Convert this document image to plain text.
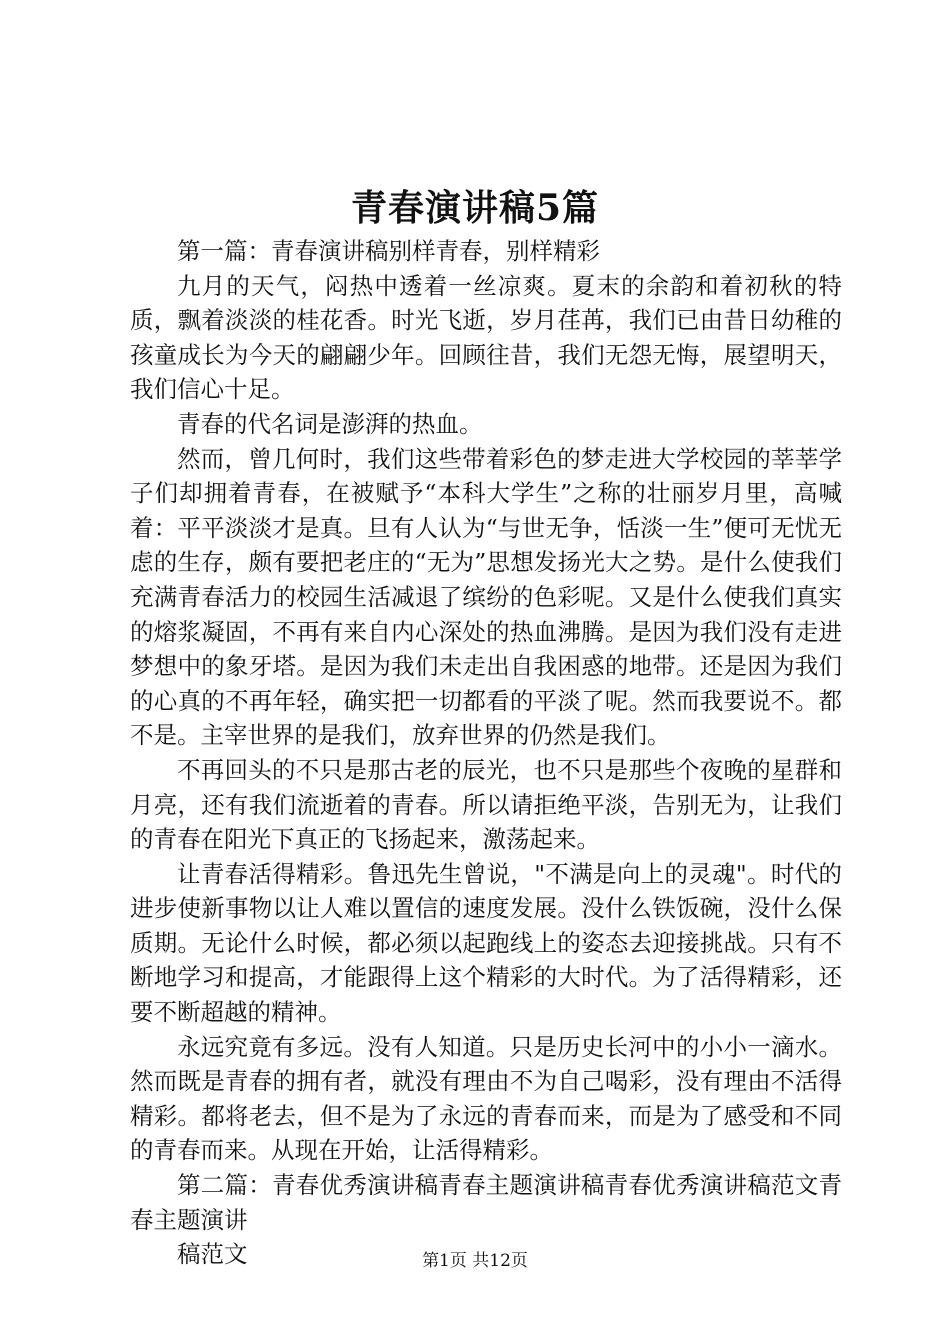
青春演讲稿5篇

第一篇：青春演讲稿别样青春，别样精彩

九月的天气，闷热中透着一丝凉爽。夏末的余韵和着初秋的特质，飘着淡淡的桂花香。时光飞逝，岁月荏苒，我们已由昔日幼稚的孩童成长为今天的翩翩少年。回顾往昔，我们无怨无悔，展望明天，我们信心十足。

青春的代名词是澎湃的热血。

然而，曾几何时，我们这些带着彩色的梦走进大学校园的莘莘学子们却拥着青春，在被赋予“本科大学生”之称的壮丽岁月里，高喊着：平平淡淡才是真。旦有人认为“与世无争，恬淡一生”便可无忧无虑的生存，颇有要把老庄的“无为”思想发扬光大之势。是什么使我们充满青春活力的校园生活减退了缤纷的色彩呢。又是什么使我们真实的熔浆凝固，不再有来自内心深处的热血沸腾。是因为我们没有走进梦想中的象牙塔。是因为我们未走出自我困惑的地带。还是因为我们的心真的不再年轻，确实把一切都看的平淡了呢。然而我要说不。都不是。主宰世界的是我们，放弃世界的仍然是我们。

不再回头的不只是那古老的辰光，也不只是那些个夜晚的星群和月亮，还有我们流逝着的青春。所以请拒绝平淡，告别无为，让我们的青春在阳光下真正的飞扬起来，激荡起来。

让青春活得精彩。鲁迅先生曾说，"不满是向上的灵魂"。时代的进步使新事物以让人难以置信的速度发展。没什么铁饭碗，没什么保质期。无论什么时候，都必须以起跑线上的姿态去迎接挑战。只有不断地学习和提高，才能跟得上这个精彩的大时代。为了活得精彩，还要不断超越的精神。

永远究竟有多远。没有人知道。只是历史长河中的小小一滴水。然而既是青春的拥有者，就没有理由不为自己喝彩，没有理由不活得精彩。都将老去，但不是为了永远的青春而来，而是为了感受和不同的青春而来。从现在开始，让活得精彩。

第二篇：青春优秀演讲稿青春主题演讲稿青春优秀演讲稿范文青春主题演讲

稿范文	第1页 共12页
